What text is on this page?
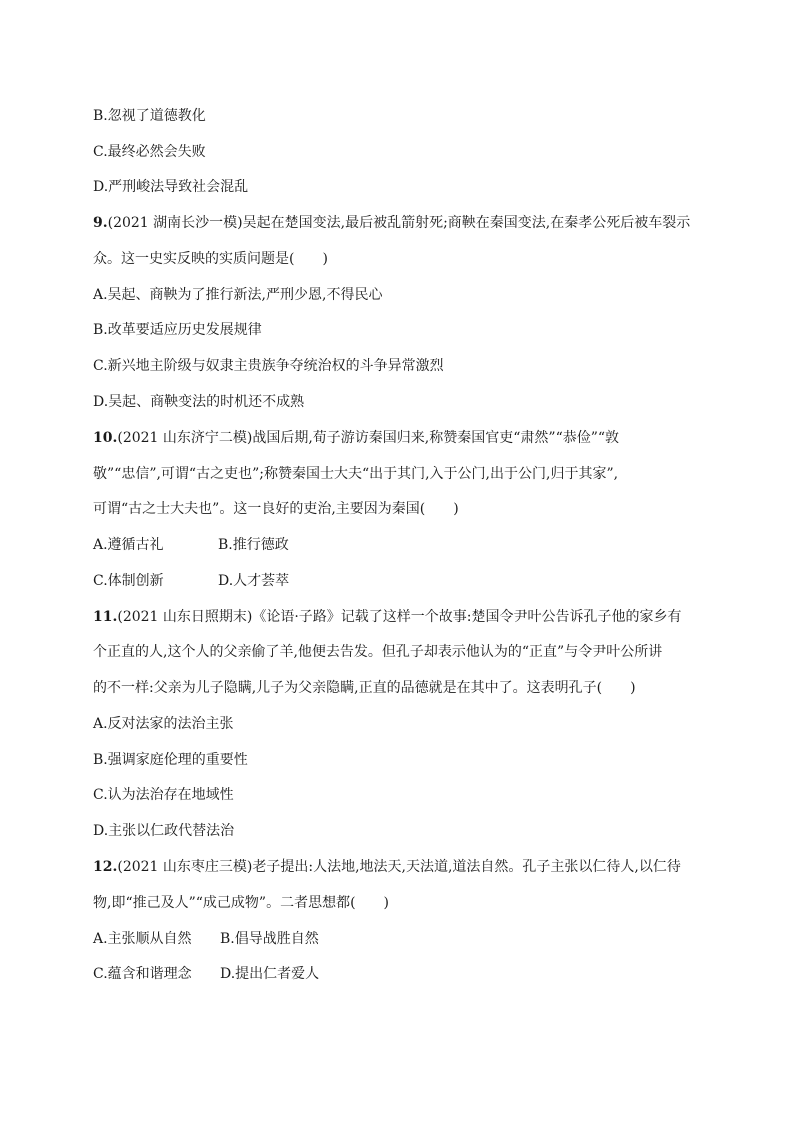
B.忽视了道德教化
C.最终必然会失败
D.严刑峻法导致社会混乱
9.(2021 湖南长沙一模)吴起在楚国变法,最后被乱箭射死;商鞅在秦国变法,在秦孝公死后被车裂示
众。这一史实反映的实质问题是(　　)
A.吴起、商鞅为了推行新法,严刑少恩,不得民心
B.改革要适应历史发展规律
C.新兴地主阶级与奴隶主贵族争夺统治权的斗争异常激烈
D.吴起、商鞅变法的时机还不成熟
10.(2021 山东济宁二模)战国后期,荀子游访秦国归来,称赞秦国官吏“肃然”“恭俭”“敦
敬”“忠信”,可谓“古之吏也”;称赞秦国士大夫“出于其门,入于公门,出于公门,归于其家”,
可谓“古之士大夫也”。这一良好的吏治,主要因为秦国(　　)
A.遵循古礼	B.推行德政
C.体制创新	D.人才荟萃
11.(2021 山东日照期末)《论语·子路》记载了这样一个故事:楚国令尹叶公告诉孔子他的家乡有
个正直的人,这个人的父亲偷了羊,他便去告发。但孔子却表示他认为的“正直”与令尹叶公所讲
的不一样:父亲为儿子隐瞒,儿子为父亲隐瞒,正直的品德就是在其中了。这表明孔子(　　)
A.反对法家的法治主张
B.强调家庭伦理的重要性
C.认为法治存在地域性
D.主张以仁政代替法治
12.(2021 山东枣庄三模)老子提出:人法地,地法天,天法道,道法自然。孔子主张以仁待人,以仁待
物,即“推己及人”“成己成物”。二者思想都(　　)
A.主张顺从自然 B.倡导战胜自然
C.蕴含和谐理念 D.提出仁者爱人
